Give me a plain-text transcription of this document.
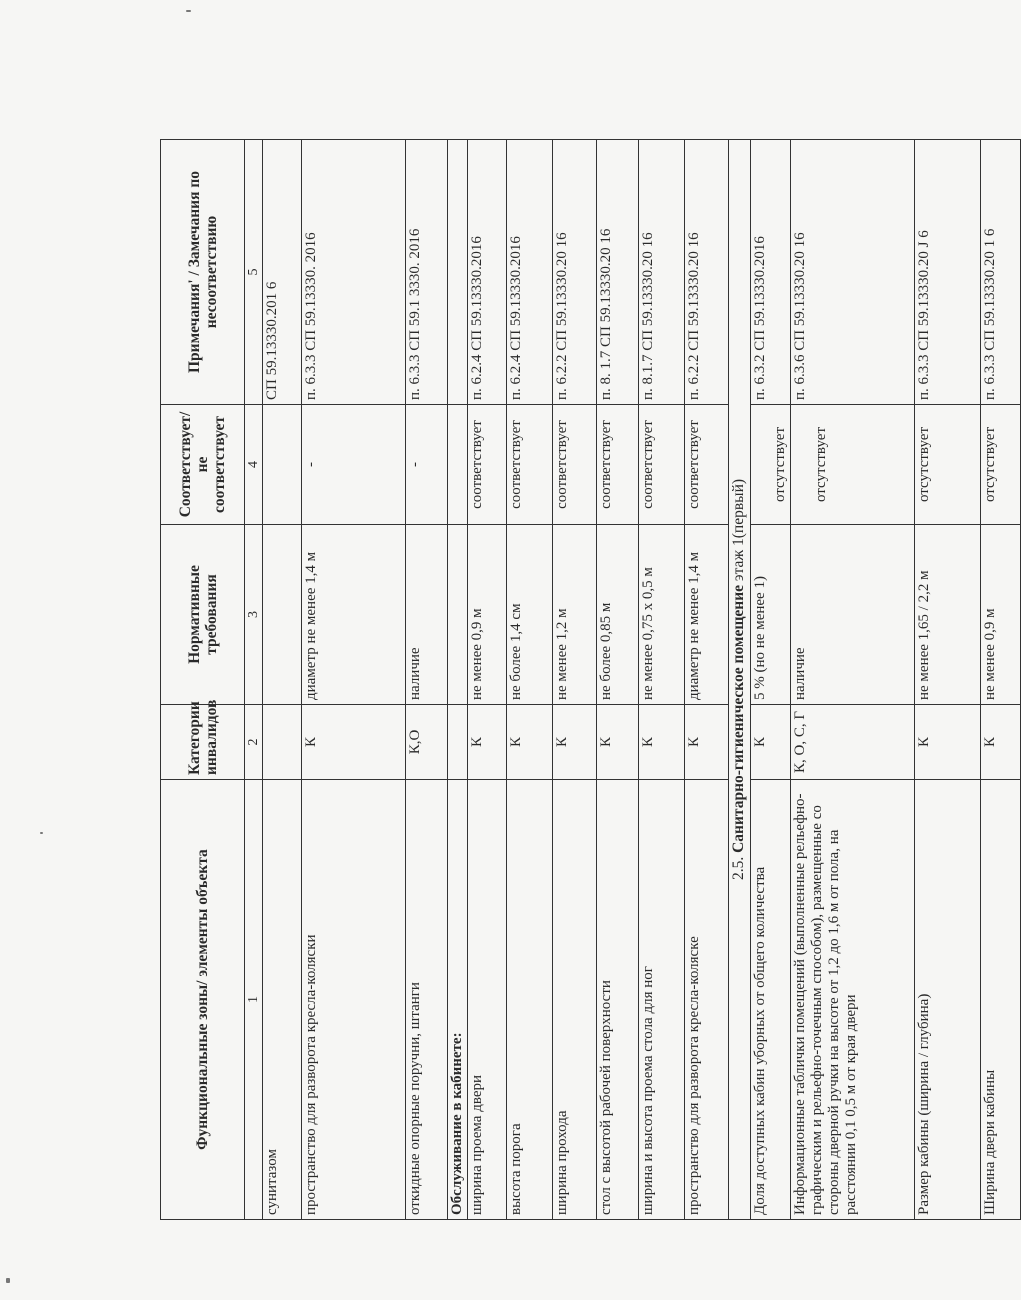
Функциональные зоны/ элементы объекта	Категории инвалидов	Нормативные требования	Соответствует/ не соответствует	Примечания' / Замечания по несоответствию
1	2	3	4	5
сунитазом				СП 59.13330.201 6
пространство для разворота кресла-коляски	К	диаметр не менее 1,4 м	-	п. 6.3.3 СП 59.13330. 2016
откидные опорные поручни, штанги	К,О	наличие	-	п. 6.3.3 СП 59.1 3330. 2016
Обслуживание в кабинете:				
ширина проема двери	К	не менее 0,9 м	соответствует	п. 6.2.4 СП 59.13330.2016
высота порога	К	не более 1,4 см	соответствует	п. 6.2.4 СП 59.13330.2016
ширина прохода	К	не менее 1,2 м	соответствует	п. 6.2.2 СП 59.13330.20 16
стол с высотой рабочей поверхности	К	не более 0,85 м	соответствует	п. 8. 1.7 СП 59.13330.20 16
ширина и высота проема стола для ног	К	не менее 0,75 х 0,5 м	соответствует	п. 8.1.7 СП 59.13330.20 16
пространство для разворота кресла-коляске	К	диаметр не менее 1,4 м	соответствует	п. 6.2.2 СП 59.13330.20 16
2.5. Санитарно-гигиеническое помещение этаж 1(первый)				
Доля доступных кабин уборных от общего количества	К	5 % (но не менее 1)	отсутствует	п. 6.3.2 СП 59.13330.2016
Информационные таблички помещений (выполненные рельефно-графическим и рельефно-точечным способом), размещенные со стороны дверной ручки на высоте от 1,2 до 1,6 м от пола, на расстоянии 0,1 0,5 м от края двери	К, О, С, Г	наличие	отсутствует	п. 6.3.6 СП 59.13330.20 16
Размер кабины (ширина / глубина)	К	не менее 1,65 / 2,2 м	отсутствует	п. 6.3.3 СП 59.13330.20 J 6
Ширина двери кабины	К	не менее 0,9 м	отсутствует	п. 6.3.3 СП 59.13330.20 1 6
